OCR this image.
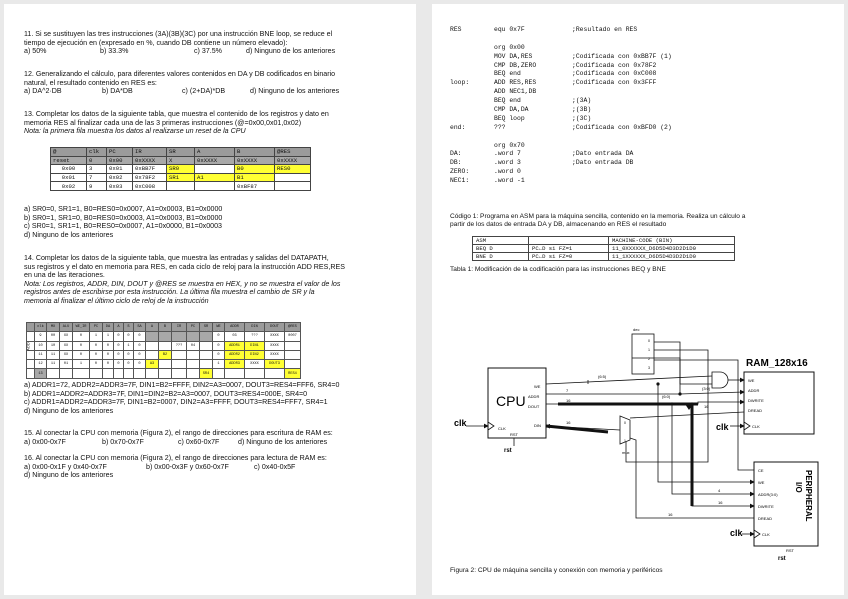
11. Si se sustituyen las tres instrucciones (3A)(3B)(3C) por una instrucción BNE loop, se reduce el

tiempo de ejecución en (expresado en %, cuando DB contiene un número elevado):

a) 50%	b) 33.3%	c) 37.5%	d) Ninguno de los anteriores

12. Generalizando el cálculo, para diferentes valores contenidos en DA y DB codificados en binario

natural, el resultado contenido en RES es:

a) DA^2·DB	b) DA*DB	c) (2+DA)*DB	d) Ninguno de los anteriores

13. Completar los datos de la siguiente tabla, que muestra el contenido de los registros y dato en

memoria RES al finalizar cada una de las 3 primeras instrucciones (@=0x00,0x01,0x02)

Nota: la primera fila muestra los datos al realizarse un reset de la CPU

@	clk	PC	IR	SR	A	B	@RES
reset	0	0x00	0xXXXX	X	0xXXXX	0xXXXX	0xXXXX
0x00	3	0x01	0xBB7F	SR0		B0	RES0
0x01	7	0x02	0x78F2	SR1	A1	B1	
0x02	9	0x03	0xC008			0xBF87	

a) SR0=0, SR1=1, B0=RES0=0x0007, A1=0x0003, B1=0x0000

b) SR0=1, SR1=0, B0=RES0=0x0003, A1=0x0003, B1=0x0000

c) SR0=1, SR1=1, B0=RES0=0x0007, A1=0x0000, B1=0x0003

d) Ninguno de los anteriores

14. Completar los datos de la siguiente tabla, que muestra las entradas y salidas del DATAPATH,

sus registros y el dato en memoria para RES, en cada ciclo de reloj para la instrucción ADD RES,RES

en una de las iteraciones.

Nota: Los registros, ADDR, DIN, DOUT y @RES se muestra en HEX, y no se muestra el valor de los

registros antes de escribirse por esta instrucción. La última fila muestra el cambio de SR y la

memoria al finalizar el último ciclo de reloj de la instrucción

ADD
	clk	MX	ALU	WE_IR	PC	DA	A	S	SA	A	B	IR	PC	SR	WE	ADDR	DIN	DOUT	@RES
	9	00	XX	0	1	1	0	0	0						0	03	???	XXXX	0007
	10	10	XX	0	0	0	0	1	0			???	04		0	ADDR1	DIN1	XXXX	
	11	11	XX	0	0	0	0	0	0		B2				0	ADDR2	DIN2	XXXX	
	12	11	01	1	0	0	0	0	0	A3					1	ADDR3	XXXX	DOUT3	
	13													SR4					RES4

a) ADDR1=72, ADDR2=ADDR3=7F, DIN1=B2=FFFF, DIN2=A3=0007, DOUT3=RES4=FFF6, SR4=0

b) ADDR1=ADDR2=ADDR3=7F, DIN1=DIN2=B2=A3=0007, DOUT3=RES4=000E, SR4=0

c) ADDR1=ADDR2=ADDR3=7F, DIN1=B2=0007, DIN2=A3=FFFF, DOUT3=RES4=FFF7, SR4=1

d) Ninguno de los anteriores

15. Al conectar la CPU con memoria (Figura 2), el rango de direcciones para escritura de RAM es:

a) 0x00-0x7F	b) 0x70-0x7F	c) 0x60-0x7F	d) Ninguno de los anteriores

16. Al conectar la CPU con memoria (Figura 2), el rango de direcciones para lectura de RAM es:

a) 0x00-0x1F y 0x40-0x7F	b) 0x00-0x3F y 0x60-0x7F	c) 0x40-0x5F

d) Ninguno de los anteriores

RES	equ 0x7F	;Resultado en RES
org 0x00
MOV DA,RES	;Codificada con 0xBB7F (1)
CMP DB,ZERO	;Codificada con 0x78F2
BEQ end	;Codificada con 0xC008
loop:	ADD RES,RES	;Codificada con 0x3FFF
ADD NEC1,DB
BEQ end	;(3A)
CMP DA,DA	;(3B)
BEQ loop	;(3C)
end:	???	;Codificada con 0xBFD0 (2)
org 0x70
DA:	.word 7	;Dato entrada DA
DB:	.word 3	;Dato entrada DB
ZERO:	.word 0
NEC1:	.word -1

Código 1: Programa en ASM para la máquina sencilla, contenido en la memoria. Realiza un cálculo a

partir de los datos de entrada DA y DB, almacenando en RES el resultado

ASM		MACHINE-CODE (BIN)
BEQ D	PC←D si FZ=1	11_0XXXXXX_D6D5D4D3D2D1D0
BNE D	PC←D si FZ=0	11_1XXXXXX_D6D5D4D3D2D1D0

Tabla 1: Modificación de la codificación para las instrucciones BEQ y BNE

CPU
WE
ADDR
DOUT
DIN
CLK
RST
clk
rst
dec
0
1
2
3
mux
0
1
RAM_128x16
WE
ADDR
DWRITE
DREAD
CLK
clk
CE
WE
ADDR(3:0)
DWRITE
DREAD
CLK
RST
I/O PERIPHERAL
clk
rst
7
16
16
16
(6:5)
(3:0)
(6:0)
4
16
16

Figura 2: CPU de máquina sencilla y conexión con memoria y periféricos
